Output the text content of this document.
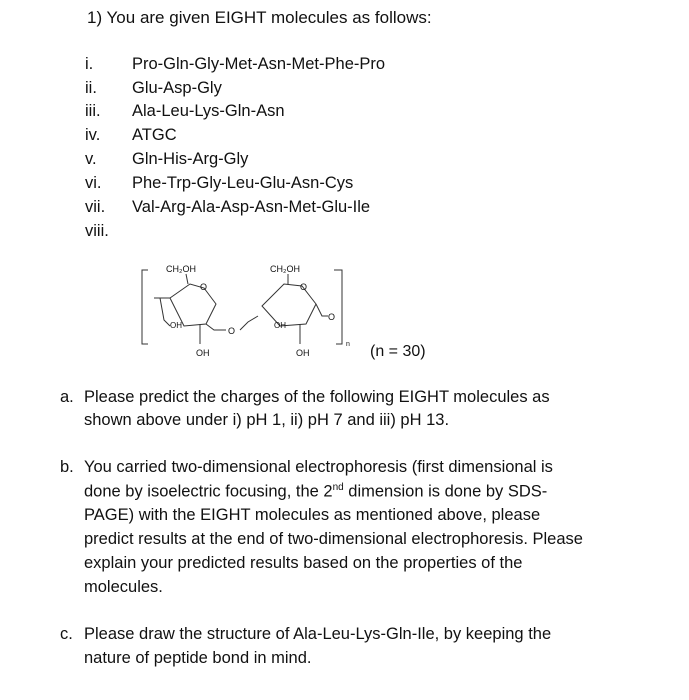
1) You are given EIGHT molecules as follows:
i. Pro-Gln-Gly-Met-Asn-Met-Phe-Pro
ii. Glu-Asp-Gly
iii. Ala-Leu-Lys-Gln-Asn
iv. ATGC
v. Gln-His-Arg-Gly
vi. Phe-Trp-Gly-Leu-Glu-Asn-Cys
vii. Val-Arg-Ala-Asp-Asn-Met-Glu-Ile
viii.
CH₂OH	CH₂OH
O	O
OH	OH
OH	OH
O
O
n (n = 30)
a. Please predict the charges of the following EIGHT molecules as
shown above under i) pH 1, ii) pH 7 and iii) pH 13.
b. You carried two-dimensional electrophoresis (first dimensional is
done by isoelectric focusing, the 2nd dimension is done by SDS-
PAGE) with the EIGHT molecules as mentioned above, please
predict results at the end of two-dimensional electrophoresis. Please
explain your predicted results based on the properties of the
molecules.
c. Please draw the structure of Ala-Leu-Lys-Gln-Ile, by keeping the
nature of peptide bond in mind.
